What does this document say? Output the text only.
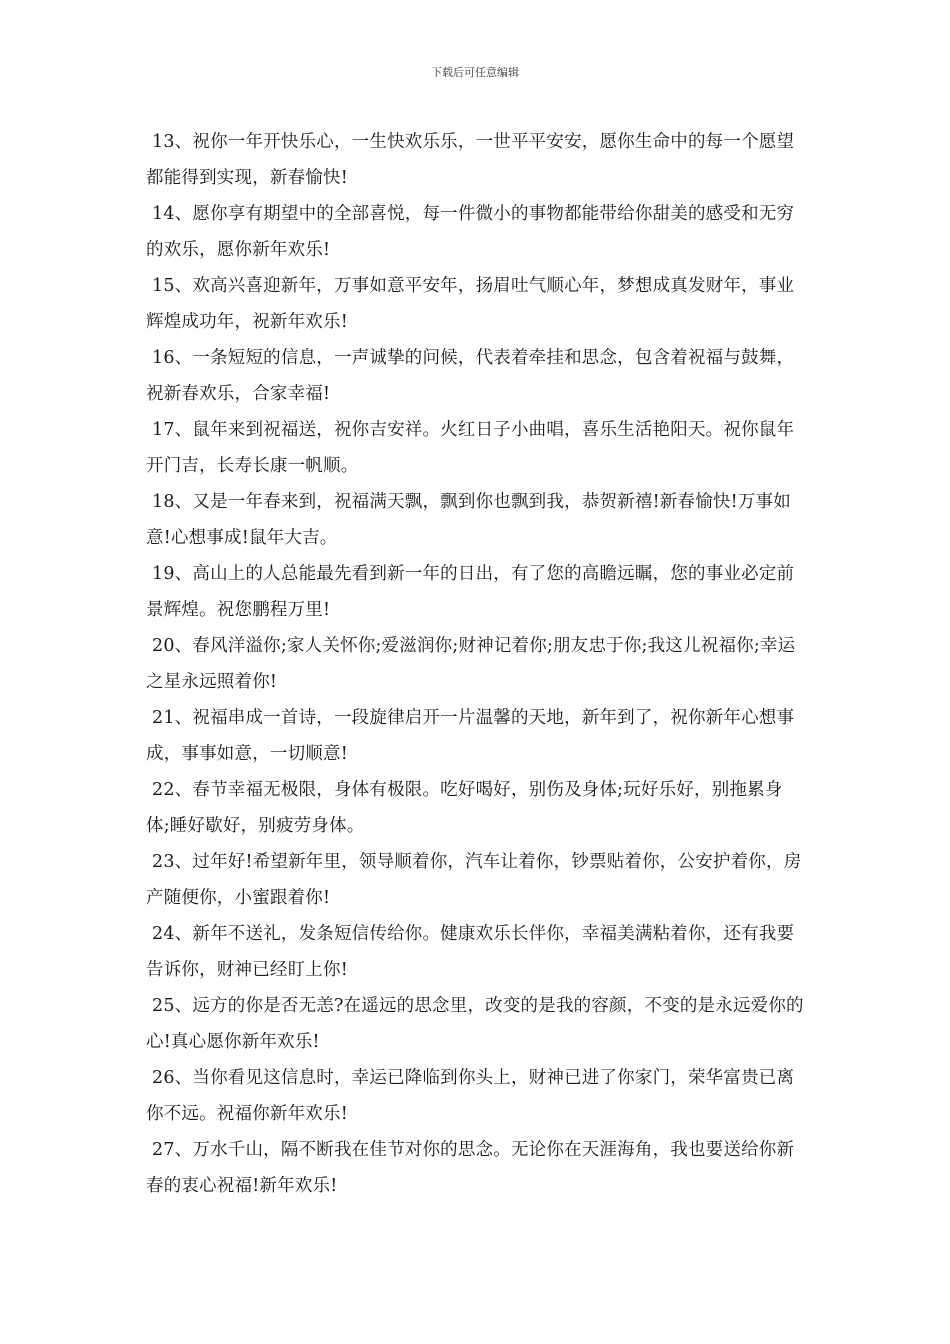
下载后可任意编辑

13、祝你一年开快乐心，一生快欢乐乐，一世平平安安，愿你生命中的每一个愿望都能得到实现，新春愉快!

14、愿你享有期望中的全部喜悦，每一件微小的事物都能带给你甜美的感受和无穷的欢乐，愿你新年欢乐!

15、欢高兴喜迎新年，万事如意平安年，扬眉吐气顺心年，梦想成真发财年，事业辉煌成功年，祝新年欢乐!

16、一条短短的信息，一声诚挚的问候，代表着牵挂和思念，包含着祝福与鼓舞，祝新春欢乐，合家幸福!

17、鼠年来到祝福送，祝你吉安祥。火红日子小曲唱，喜乐生活艳阳天。祝你鼠年开门吉，长寿长康一帆顺。

18、又是一年春来到，祝福满天飘，飘到你也飘到我，恭贺新禧!新春愉快!万事如意!心想事成!鼠年大吉。

19、高山上的人总能最先看到新一年的日出，有了您的高瞻远瞩，您的事业必定前景辉煌。祝您鹏程万里!

20、春风洋溢你;家人关怀你;爱滋润你;财神记着你;朋友忠于你;我这儿祝福你;幸运之星永远照着你!

21、祝福串成一首诗，一段旋律启开一片温馨的天地，新年到了，祝你新年心想事成，事事如意，一切顺意!

22、春节幸福无极限，身体有极限。吃好喝好，别伤及身体;玩好乐好，别拖累身体;睡好歇好，别疲劳身体。

23、过年好!希望新年里，领导顺着你，汽车让着你，钞票贴着你，公安护着你，房产随便你，小蜜跟着你!

24、新年不送礼，发条短信传给你。健康欢乐长伴你，幸福美满粘着你，还有我要告诉你，财神已经盯上你!

25、远方的你是否无恙?在遥远的思念里，改变的是我的容颜，不变的是永远爱你的心!真心愿你新年欢乐!

26、当你看见这信息时，幸运已降临到你头上，财神已进了你家门，荣华富贵已离你不远。祝福你新年欢乐!

27、万水千山，隔不断我在佳节对你的思念。无论你在天涯海角，我也要送给你新春的衷心祝福!新年欢乐!
